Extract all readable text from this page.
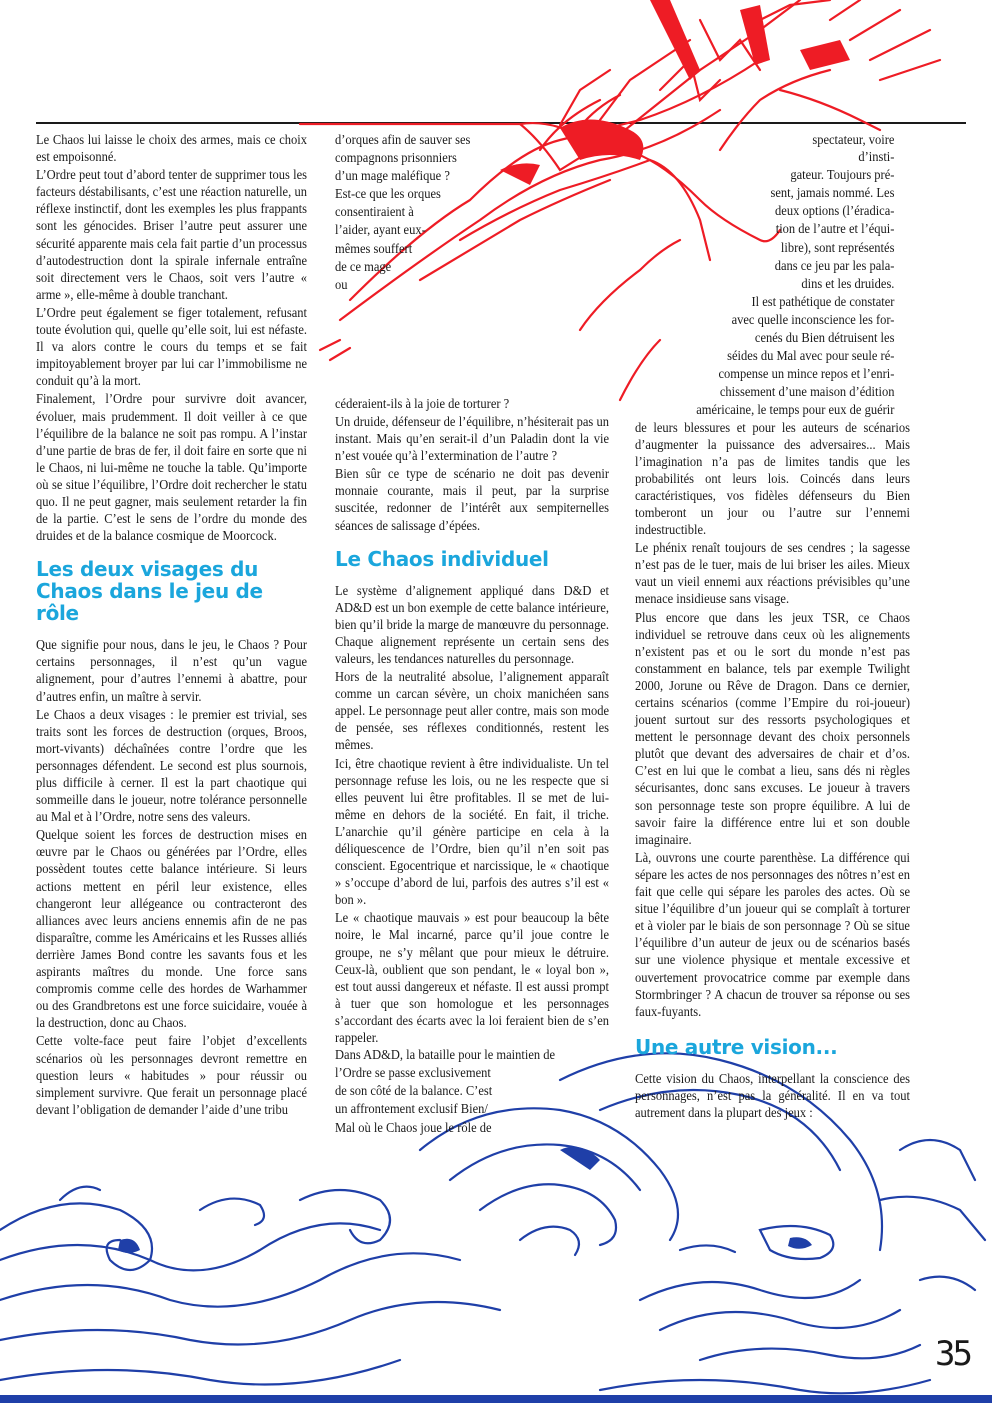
Le Chaos lui laisse le choix des armes, mais ce choix est empoisonné.

L’Ordre peut tout d’abord tenter de supprimer tous les facteurs déstabilisants, c’est une réaction naturelle, un réflexe instinctif, dont les exemples les plus frappants sont les génocides. Briser l’autre peut assurer une sécurité apparente mais cela fait partie d’un processus d’autodestruction dont la spirale infernale entraîne soit directement vers le Chaos, soit vers l’autre « arme », elle-même à double tranchant.

L’Ordre peut également se figer totalement, refusant toute évolution qui, quelle qu’elle soit, lui est néfaste. Il va alors contre le cours du temps et se fait impitoyablement broyer par lui car l’immobilisme ne conduit qu’à la mort.

Finalement, l’Ordre pour survivre doit avancer, évoluer, mais prudemment. Il doit veiller à ce que l’équilibre de la balance ne soit pas rompu. A l’instar d’une partie de bras de fer, il doit faire en sorte que ni le Chaos, ni lui-même ne touche la table. Qu’importe où se situe l’équilibre, l’Ordre doit rechercher le statu quo. Il ne peut gagner, mais seulement retarder la fin de la partie. C’est le sens de l’ordre du monde des druides et de la balance cosmique de Moorcock.

Les deux visages du Chaos dans le jeu de rôle

Que signifie pour nous, dans le jeu, le Chaos ? Pour certains personnages, il n’est qu’un vague alignement, pour d’autres l’ennemi à abattre, pour d’autres enfin, un maître à servir.

Le Chaos a deux visages : le premier est trivial, ses traits sont les forces de destruction (orques, Broos, mort-vivants) déchaînées contre l’ordre que les personnages défendent. Le second est plus sournois, plus difficile à cerner. Il est la part chaotique qui sommeille dans le joueur, notre tolérance personnelle au Mal et à l’Ordre, notre sens des valeurs.

Quelque soient les forces de destruction mises en œuvre par le Chaos ou générées par l’Ordre, elles possèdent toutes cette balance intérieure. Si leurs actions mettent en péril leur existence, elles changeront leur allégeance ou contracteront des alliances avec leurs anciens ennemis afin de ne pas disparaître, comme les Américains et les Russes alliés derrière James Bond contre les savants fous et les aspirants maîtres du monde. Une force sans compromis comme celle des hordes de Warhammer ou des Grandbretons est une force suicidaire, vouée à la destruction, donc au Chaos.

Cette volte-face peut faire l’objet d’excellents scénarios où les personnages devront remettre en question leurs « habitudes » pour réussir ou simplement survivre. Que ferait un personnage placé devant l’obligation de demander l’aide d’une tribu

d’orques afin de sauver ses

compagnons prisonniers

d’un mage maléfique ?

Est-ce que les orques

consentiraient à

l’aider, ayant eux-

mêmes souffert

de ce mage

ou

céderaient-ils à la joie de torturer ?

Un druide, défenseur de l’équilibre, n’hésiterait pas un instant. Mais qu’en serait-il d’un Paladin dont la vie n’est vouée qu’à l’extermination de l’autre ?

Bien sûr ce type de scénario ne doit pas devenir monnaie courante, mais il peut, par la surprise suscitée, redonner de l’intérêt aux sempiternelles séances de salissage d’épées.

Le Chaos individuel

Le système d’alignement appliqué dans D&D et AD&D est un bon exemple de cette balance intérieure, bien qu’il bride la marge de manœuvre du personnage. Chaque alignement représente un certain sens des valeurs, les tendances naturelles du personnage.

Hors de la neutralité absolue, l’alignement apparaît comme un carcan sévère, un choix manichéen sans appel. Le personnage peut aller contre, mais son mode de pensée, ses réflexes conditionnés, restent les mêmes.

Ici, être chaotique revient à être individualiste. Un tel personnage refuse les lois, ou ne les respecte que si elles peuvent lui être profitables. Il se met de lui-même en dehors de la société. En fait, il triche. L’anarchie qu’il génère participe en cela à la déliquescence de l’Ordre, bien qu’il n’en soit pas conscient. Egocentrique et narcissique, le « chaotique » s’occupe d’abord de lui, parfois des autres s’il est « bon ».

Le « chaotique mauvais » est pour beaucoup la bête noire, le Mal incarné, parce qu’il joue contre le groupe, ne s’y mêlant que pour mieux le détruire. Ceux-là, oublient que son pendant, le « loyal bon », est tout aussi dangereux et néfaste. Il est aussi prompt à tuer que son homologue et les personnages s’accordant des écarts avec la loi feraient bien de s’en rappeler.

Dans AD&D, la bataille pour le maintien de

l’Ordre se passe exclusivement

de son côté de la balance. C’est

un affrontement exclusif Bien/

Mal où le Chaos joue le rôle de

spectateur, voire d’insti-

gateur. Toujours pré-

sent, jamais nommé. Les

deux options (l’éradica-

tion de l’autre et l’équi-

libre), sont représentés

dans ce jeu par les pala-

dins et les druides.

Il est pathétique de constater

avec quelle inconscience les for-

cenés du Bien détruisent les

séides du Mal avec pour seule ré-

compense un mince repos et l’enri-

chissement d’une maison d’édition

américaine, le temps pour eux de guérir

de leurs blessures et pour les auteurs de scénarios d’augmenter la puissance des adversaires... Mais l’imagination n’a pas de limites tandis que les probabilités ont leurs lois. Coincés dans leurs caractéristiques, vos fidèles défenseurs du Bien tomberont un jour ou l’autre sur l’ennemi indestructible.

Le phénix renaît toujours de ses cendres ; la sagesse n’est pas de le tuer, mais de lui briser les ailes. Mieux vaut un vieil ennemi aux réactions prévisibles qu’une menace insidieuse sans visage.

Plus encore que dans les jeux TSR, ce Chaos individuel se retrouve dans ceux où les alignements n’existent pas et ou le sort du monde n’est pas constamment en balance, tels par exemple Twilight 2000, Jorune ou Rêve de Dragon. Dans ce dernier, certains scénarios (comme l’Empire du roi-joueur) jouent surtout sur des ressorts psychologiques et mettent le personnage devant des choix personnels plutôt que devant des adversaires de chair et d’os. C’est en lui que le combat a lieu, sans dés ni règles sécurisantes, donc sans excuses. Le joueur à travers son personnage teste son propre équilibre. A lui de savoir faire la différence entre lui et son double imaginaire.

Là, ouvrons une courte parenthèse. La différence qui sépare les actes de nos personnages des nôtres n’est en fait que celle qui sépare les paroles des actes. Où se situe l’équilibre d’un joueur qui se complaît à torturer et à violer par le biais de son personnage ? Où se situe l’équilibre d’un auteur de jeux ou de scénarios basés sur une violence physique et mentale excessive et ouvertement provocatrice comme par exemple dans Stormbringer ? A chacun de trouver sa réponse ou ses faux-fuyants.

Une autre vision...

Cette vision du Chaos, interpellant la conscience des personnages, n’est pas la généralité. Il en va tout autrement dans la plupart des jeux :

35
